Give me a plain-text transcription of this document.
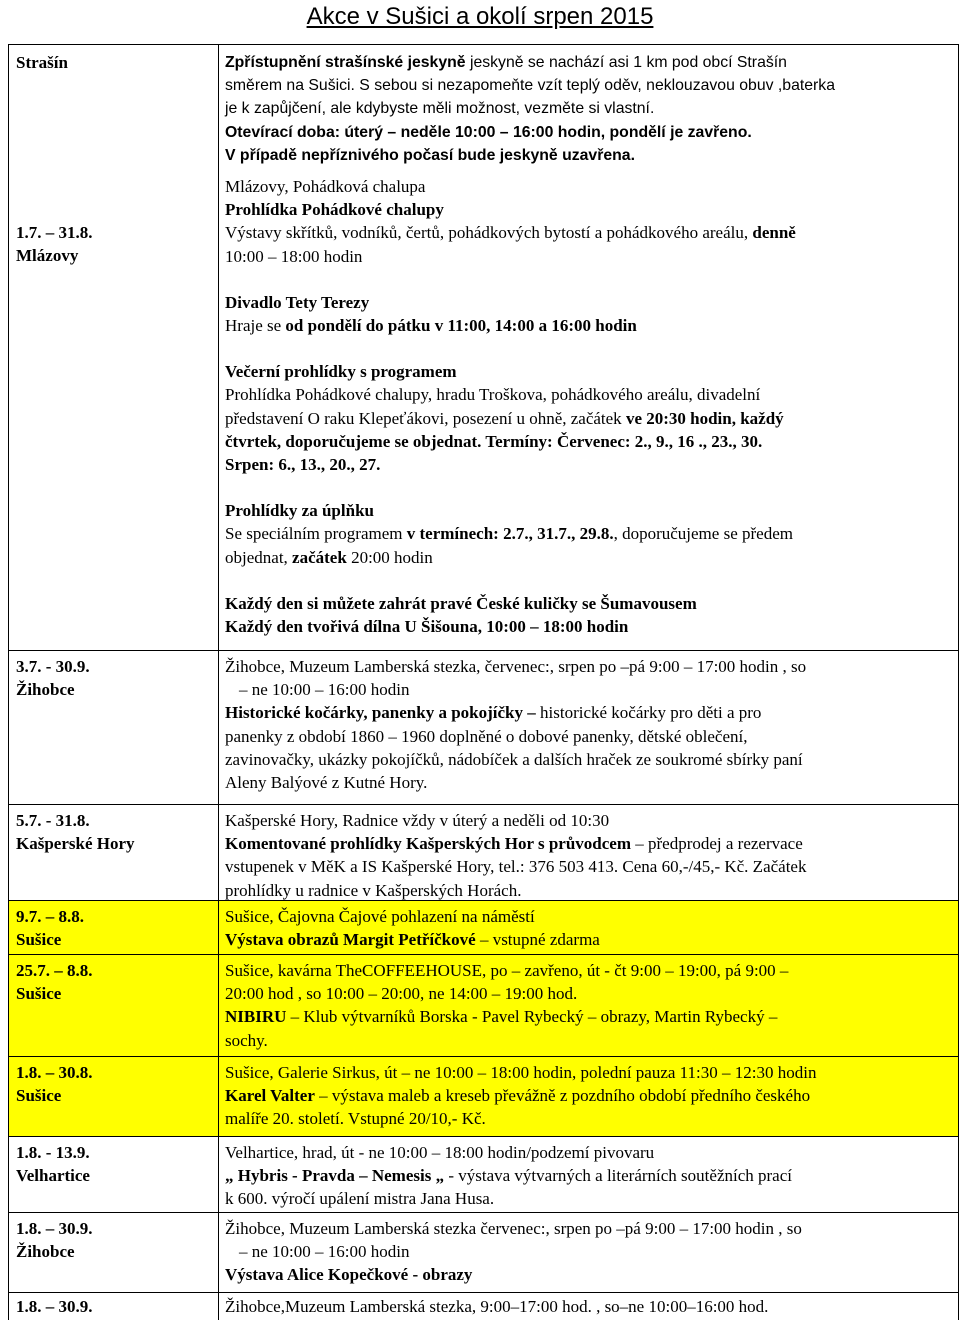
Akce v Sušici a okolí srpen 2015
Strašín
1.7. – 31.8.
Mlázovy

Zpřístupnění strašínské jeskyně jeskyně se nachází asi 1 km pod obcí Strašín

směrem na Sušici. S sebou si nezapomeňte vzít teplý oděv, neklouzavou obuv ,baterka

je k zapůjčení, ale kdybyste měli možnost, vezměte si vlastní.

Otevírací doba: úterý – neděle 10:00 – 16:00 hodin, pondělí je zavřeno.

V případě nepříznivého počasí bude jeskyně uzavřena.

Mlázovy, Pohádková chalupa

Prohlídka Pohádkové chalupy

Výstavy skřítků, vodníků, čertů, pohádkových bytostí a pohádkového areálu, denně

10:00 – 18:00 hodin

Divadlo Tety Terezy

Hraje se od pondělí do pátku v 11:00, 14:00 a 16:00 hodin

Večerní prohlídky s programem

Prohlídka Pohádkové chalupy, hradu Troškova, pohádkového areálu, divadelní

představení O raku Klepeťákovi, posezení u ohně, začátek ve 20:30 hodin, každý

čtvrtek, doporučujeme se objednat. Termíny: Červenec: 2., 9., 16 ., 23., 30.

Srpen: 6., 13., 20., 27.

Prohlídky za úplňku

Se speciálním programem v termínech: 2.7., 31.7., 29.8., doporučujeme se předem

objednat, začátek 20:00 hodin

Každý den si můžete zahrát pravé České kuličky se Šumavousem

Každý den tvořivá dílna U Šišouna, 10:00 – 18:00 hodin

3.7. - 30.9.
Žihobce

Žihobce, Muzeum Lamberská stezka, červenec:, srpen po –pá 9:00 – 17:00 hodin , so

– ne 10:00 – 16:00 hodin

Historické kočárky, panenky a pokojíčky – historické kočárky pro děti a pro

panenky z období 1860 – 1960 doplněné o dobové panenky, dětské oblečení,

zavinovačky, ukázky pokojíčků, nádobíček a dalších hraček ze soukromé sbírky paní

Aleny Balýové z Kutné Hory.

5.7. - 31.8.
Kašperské Hory

Kašperské Hory, Radnice vždy v úterý a neděli od 10:30

Komentované prohlídky Kašperských Hor s průvodcem – předprodej a rezervace

vstupenek v MěK a IS Kašperské Hory, tel.: 376 503 413. Cena 60,-/45,- Kč. Začátek

prohlídky u radnice v Kašperských Horách.

9.7. – 8.8.
Sušice

Sušice, Čajovna Čajové pohlazení na náměstí

Výstava obrazů Margit Petříčkové – vstupné zdarma

25.7. – 8.8.
Sušice

Sušice, kavárna TheCOFFEEHOUSE, po – zavřeno, út - čt 9:00 – 19:00, pá 9:00 –

20:00 hod , so 10:00 – 20:00, ne 14:00 – 19:00 hod.

NIBIRU – Klub výtvarníků Borska - Pavel Rybecký – obrazy, Martin Rybecký –

sochy.

1.8. – 30.8.
Sušice

Sušice, Galerie Sirkus, út – ne 10:00 – 18:00 hodin, polední pauza 11:30 – 12:30 hodin

Karel Valter – výstava maleb a kreseb převážně z pozdního období předního českého

malíře 20. století. Vstupné 20/10,- Kč.

1.8. - 13.9.
Velhartice

Velhartice, hrad, út - ne 10:00 – 18:00 hodin/podzemí pivovaru

„ Hybris - Pravda – Nemesis „ - výstava výtvarných a literárních soutěžních prací

k 600. výročí upálení mistra Jana Husa.

1.8. – 30.9.
Žihobce

Žihobce, Muzeum Lamberská stezka červenec:, srpen po –pá 9:00 – 17:00 hodin , so

– ne 10:00 – 16:00 hodin

Výstava Alice Kopečkové - obrazy

1.8. – 30.9.	Žihobce,Muzeum Lamberská stezka, 9:00–17:00 hod. , so–ne 10:00–16:00 hod.
